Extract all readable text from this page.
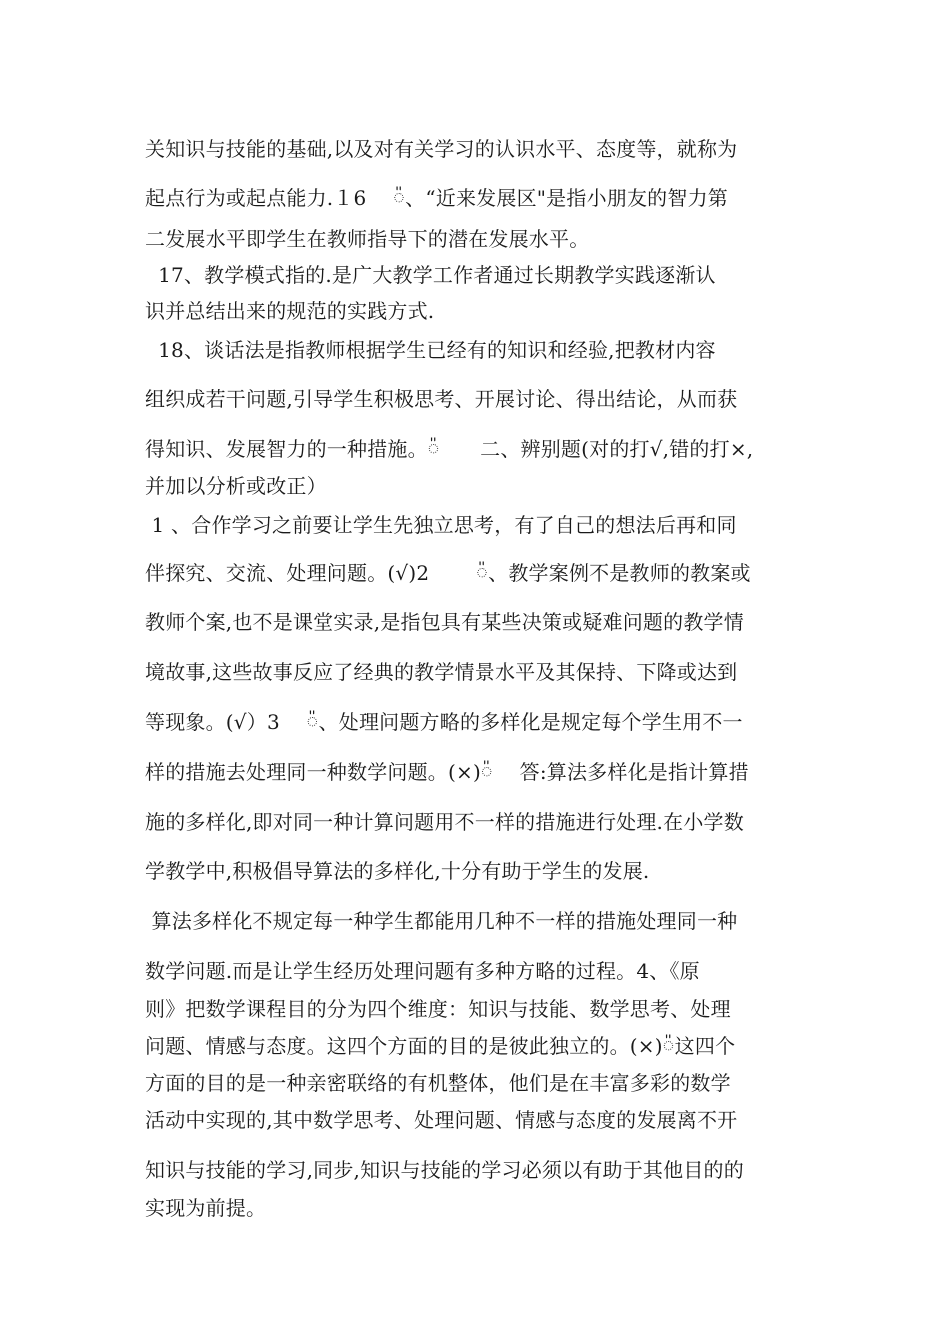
关知识与技能的基础,以及对有关学习的认识水平、态度等，就称为
起点行为或起点能力.１6　 ៉、“近来发展区"是指小朋友的智力第
二发展水平即学生在教师指导下的潜在发展水平。
17、教学模式指的.是广大教学工作者通过长期教学实践逐渐认
识并总结出来的规范的实践方式.
18、谈话法是指教师根据学生已经有的知识和经验,把教材内容
组织成若干问题,引导学生积极思考、开展讨论、得出结论，从而获
得知识、发展智力的一种措施。៉　　二、辨别题(对的打√,错的打×,
并加以分析或改正）
1 、合作学习之前要让学生先独立思考，有了自己的想法后再和同
伴探究、交流、处理问题。(√)2　　 ៉、教学案例不是教师的教案或
教师个案,也不是课堂实录,是指包具有某些决策或疑难问题的教学情
境故事,这些故事反应了经典的教学情景水平及其保持、下降或达到
等现象。(√）3　 ៉、处理问题方略的多样化是规定每个学生用不一
样的措施去处理同一种数学问题。(×)៉　 答:算法多样化是指计算措
施的多样化,即对同一种计算问题用不一样的措施进行处理.在小学数
学教学中,积极倡导算法的多样化,十分有助于学生的发展.
算法多样化不规定每一种学生都能用几种不一样的措施处理同一种
数学问题.而是让学生经历处理问题有多种方略的过程。4、《原
则》把数学课程目的分为四个维度：知识与技能、数学思考、处理
问题、情感与态度。这四个方面的目的是彼此独立的。(×)៉这四个
方面的目的是一种亲密联络的有机整体，他们是在丰富多彩的数学
活动中实现的,其中数学思考、处理问题、情感与态度的发展离不开
知识与技能的学习,同步,知识与技能的学习必须以有助于其他目的的
实现为前提。
